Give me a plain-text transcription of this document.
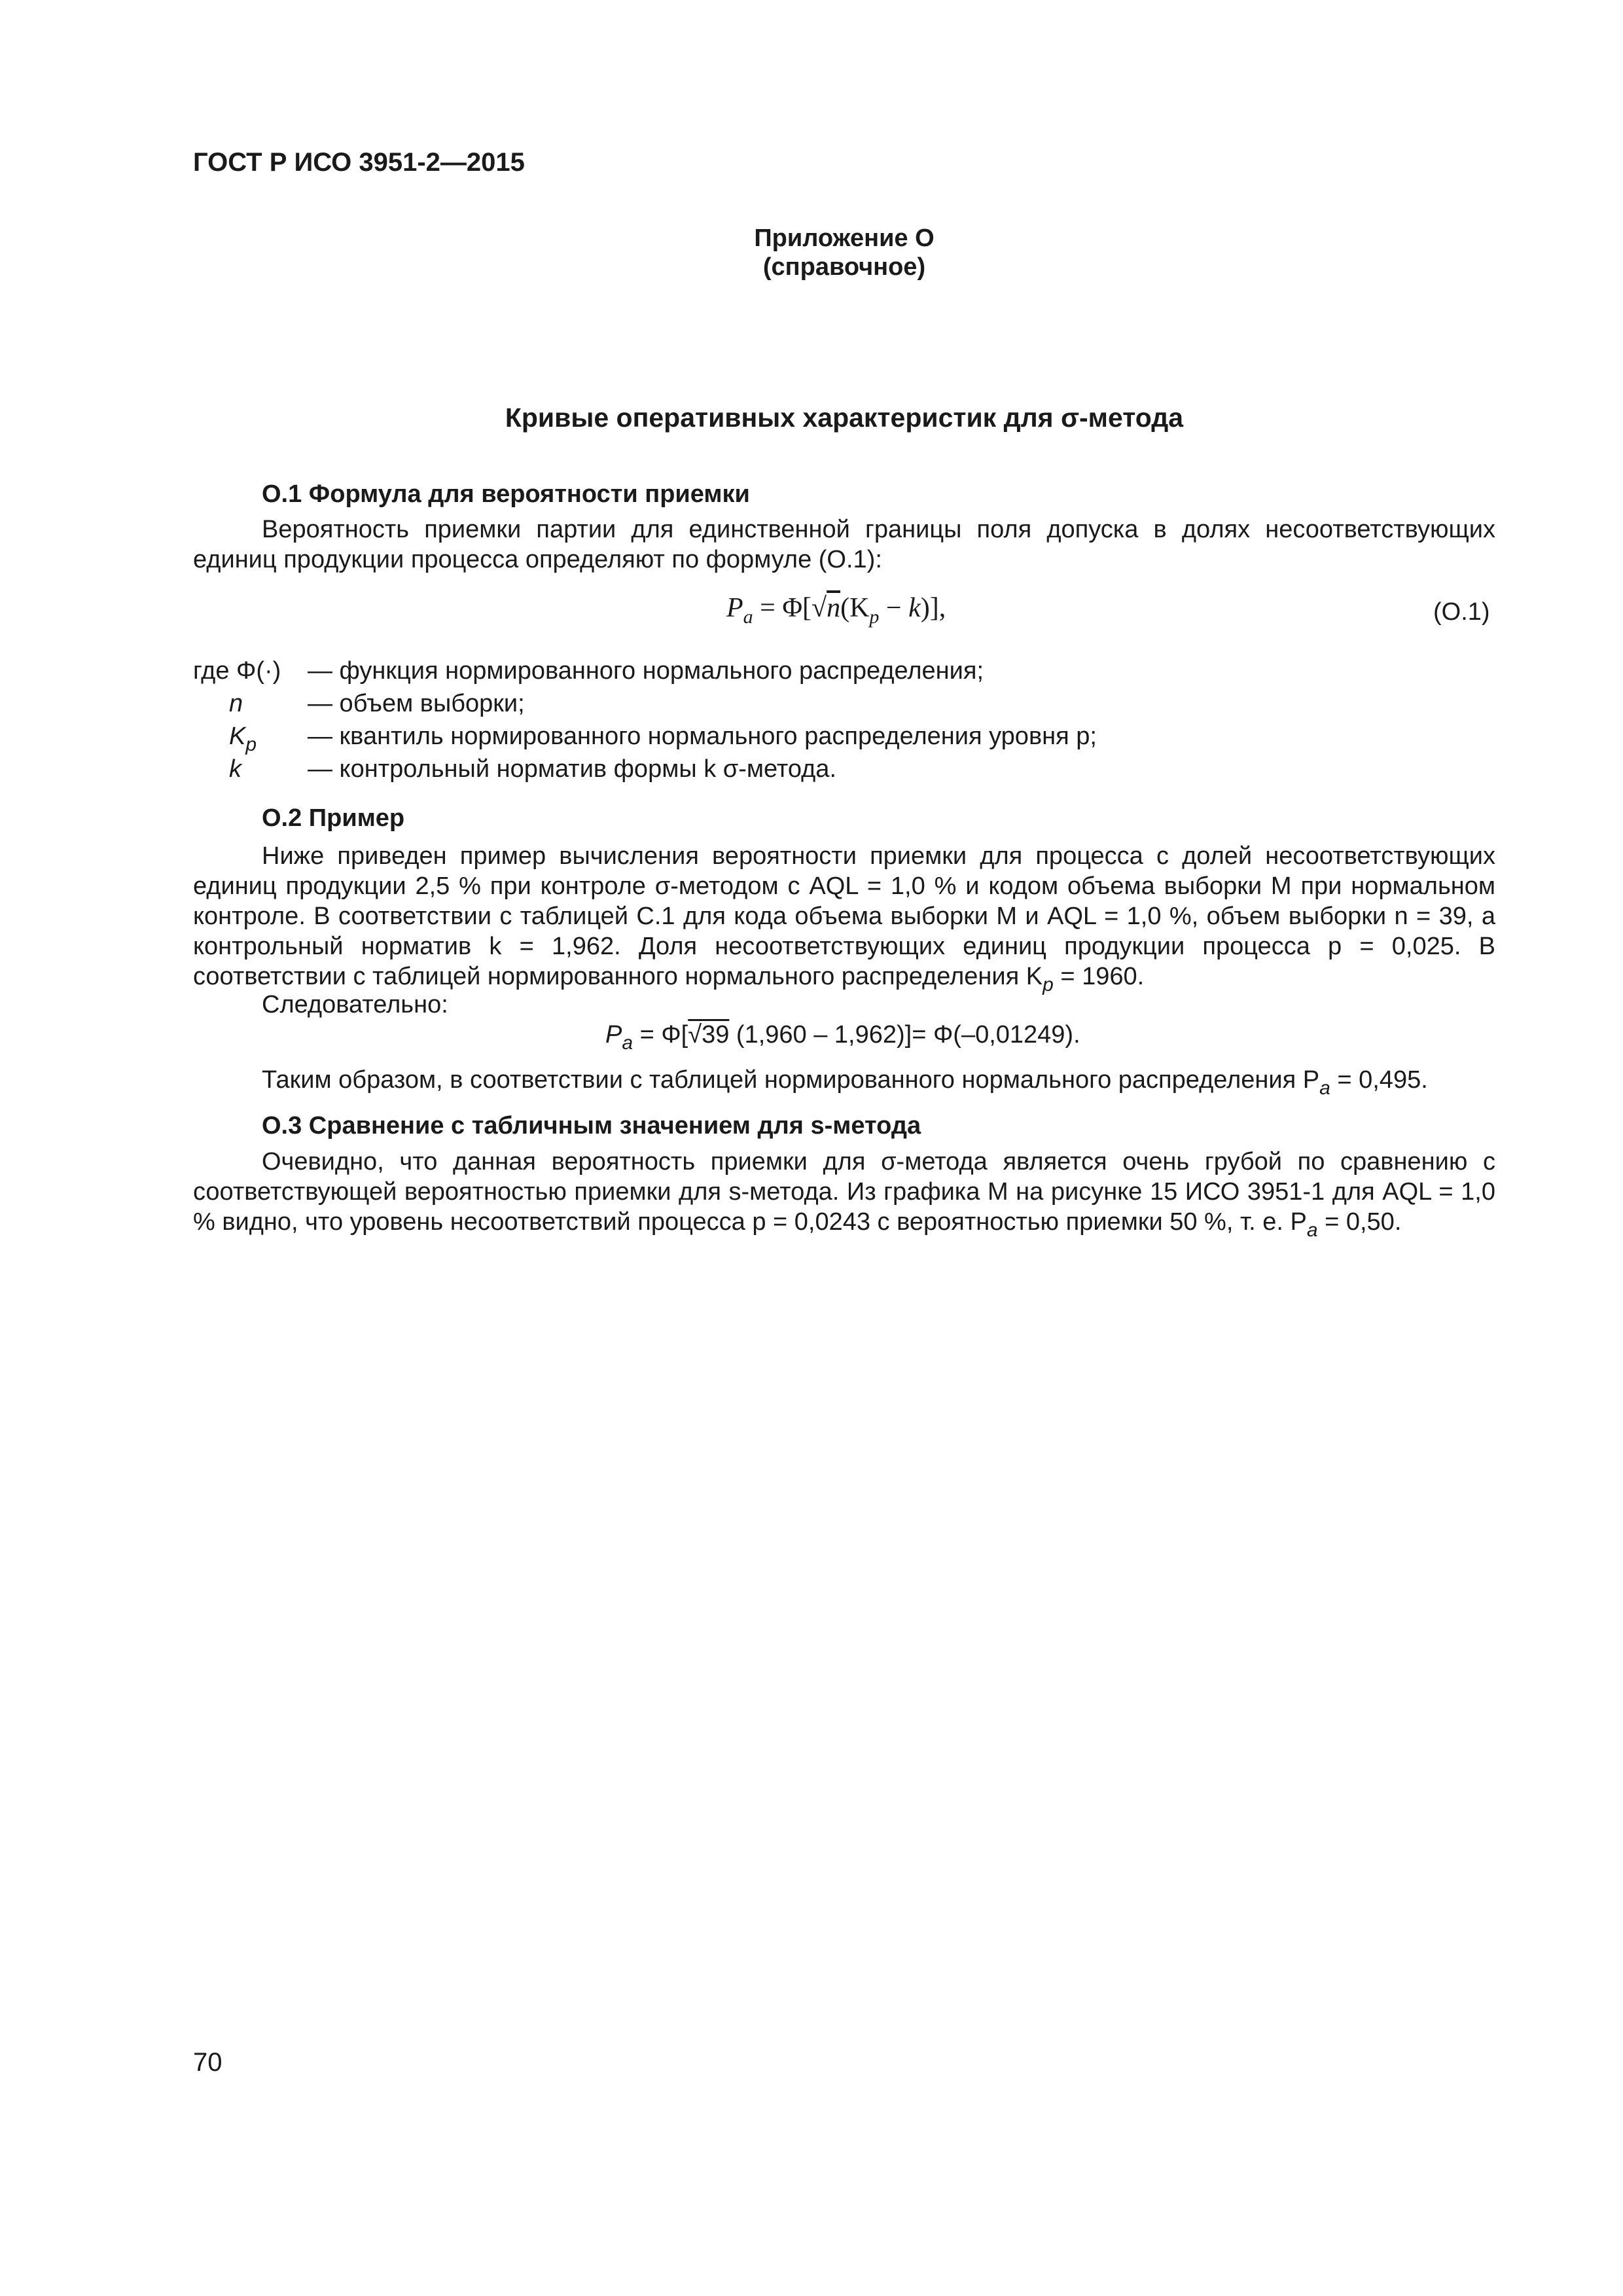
ГОСТ Р ИСО 3951-2—2015
Приложение О
(справочное)
Кривые оперативных характеристик для σ-метода
О.1 Формула для вероятности приемки
Вероятность приемки партии для единственной границы поля допуска в долях несоответствующих единиц продукции процесса определяют по формуле (О.1):
$P_a = \Phi[√n(K_p - k)]$,	(О.1)
где Φ(·)	— функция нормированного нормального распределения;
n	— объем выборки;
$K_p$	— квантиль нормированного нормального распределения уровня p;
k	— контрольный норматив формы k σ-метода.
О.2 Пример
Ниже приведен пример вычисления вероятности приемки для процесса с долей несоответствующих единиц продукции 2,5 % при контроле σ-методом с AQL = 1,0 % и кодом объема выборки M при нормальном контроле. В соответствии с таблицей С.1 для кода объема выборки M и AQL = 1,0 %, объем выборки n = 39, а контрольный норматив k = 1,962. Доля несоответствующих единиц продукции процесса p = 0,025. В соответствии с таблицей нормированного нормального распределения $K_p = 1960$.
Следовательно:
$P_a = \Phi[√39$ (1,960 – 1,962)]= Φ(–0,01249).
Таким образом, в соответствии с таблицей нормированного нормального распределения $P_a = 0,495$.
О.3 Сравнение с табличным значением для s-метода
Очевидно, что данная вероятность приемки для σ-метода является очень грубой по сравнению с соответствующей вероятностью приемки для s-метода. Из графика M на рисунке 15 ИСО 3951-1 для AQL = 1,0 % видно, что уровень несоответствий процесса p = 0,0243 с вероятностью приемки 50 %, т. е. $P_a = 0,50$.
70
